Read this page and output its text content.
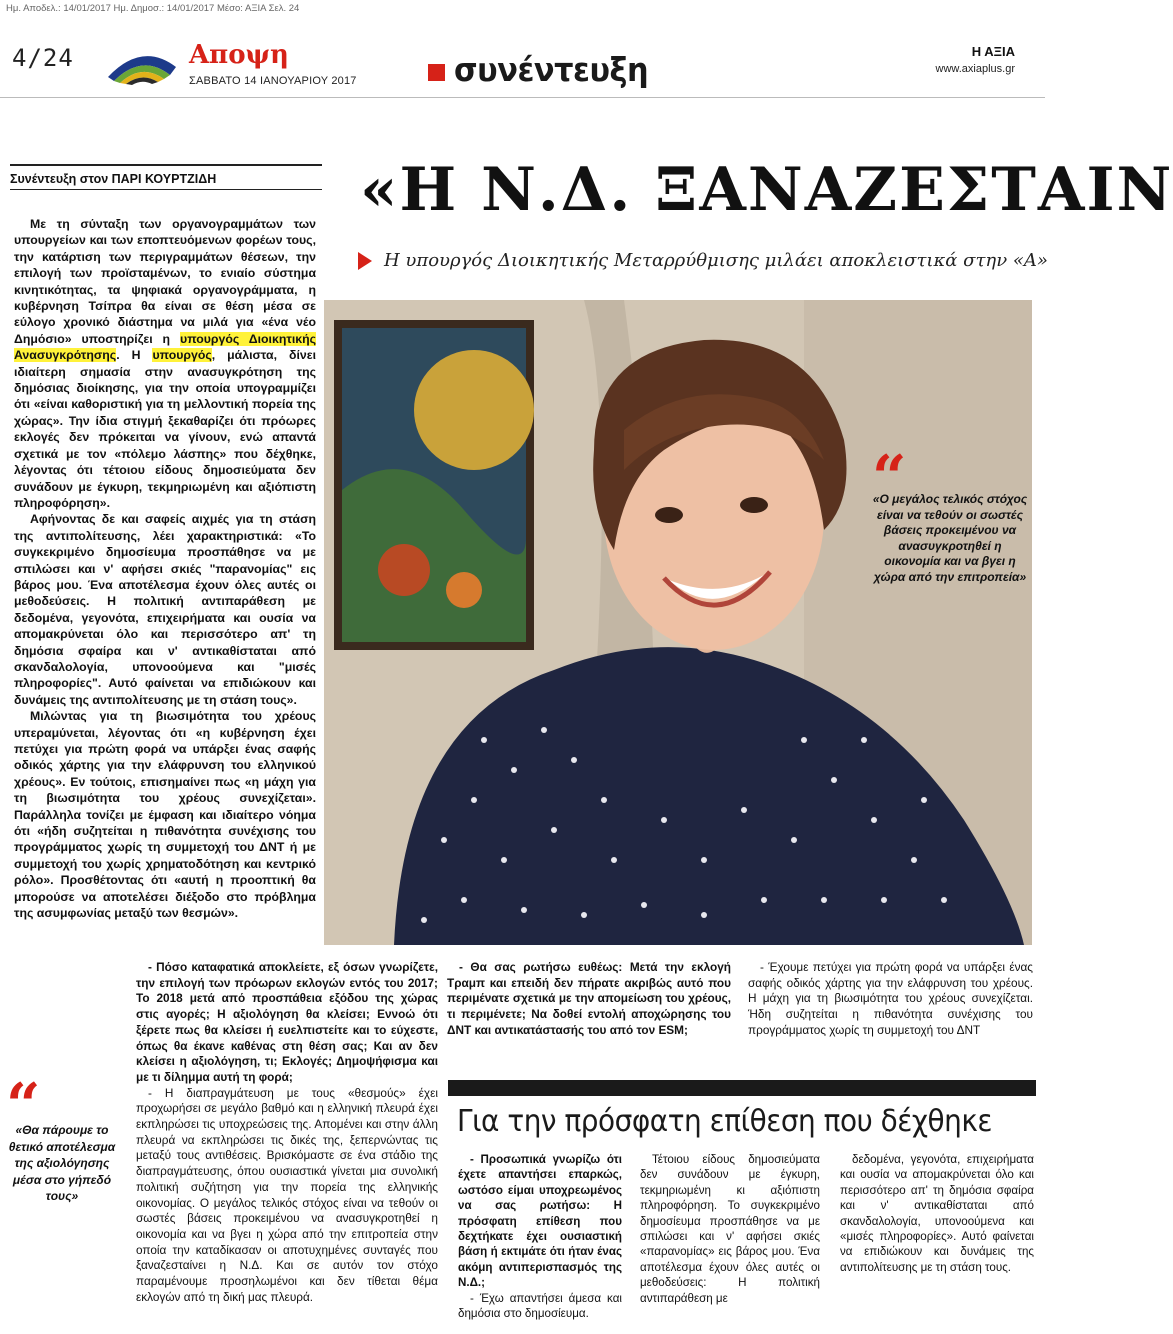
Ημ. Αποδελ.: 14/01/2017 Ημ. Δημοσ.: 14/01/2017 Μέσο: ΑΞΙΑ Σελ. 24
4/24	Αποψη
ΣΑΒΒΑΤΟ 14 ΙΑΝΟΥΑΡΙΟΥ 2017	συνέντευξη	Η ΑΞΙΑ
www.axiaplus.gr
Συνέντευξη στον ΠΑΡΙ ΚΟΥΡΤΖΙΔΗ «Η Ν.Δ. ΞΑΝΑΖΕΣΤΑΙΝ
Η υπουργός Διοικητικής Μεταρρύθμισης μιλάει αποκλειστικά στην «Α»

Με τη σύνταξη των οργανογραμμάτων των υπουργείων και των εποπτευόμενων φορέων τους, την κατάρτιση των περιγραμμάτων θέσεων, την επιλογή των προϊσταμένων, το ενιαίο σύστημα κινητικότητας, τα ψηφιακά οργανογράμματα, η κυβέρνηση Τσίπρα θα είναι σε θέση μέσα σε εύλογο χρονικό διάστημα να μιλά για «ένα νέο Δημόσιο» υποστηρίζει η υπουργός Διοικητικής Ανασυγκρότησης. Η υπουργός, μάλιστα, δίνει ιδιαίτερη σημασία στην ανασυγκρότηση της δημόσιας διοίκησης, για την οποία υπογραμμίζει ότι «είναι καθοριστική για τη μελλοντική πορεία της χώρας». Την ίδια στιγμή ξεκαθαρίζει ότι πρόωρες εκλογές δεν πρόκειται να γίνουν, ενώ απαντά σχετικά με τον «πόλεμο λάσπης» που δέχθηκε, λέγοντας ότι τέτοιου είδους δημοσιεύματα δεν συνάδουν με έγκυρη, τεκμηριωμένη και αξιόπιστη πληροφόρηση».

Αφήνοντας δε και σαφείς αιχμές για τη στάση της αντιπολίτευσης, λέει χαρακτηριστικά: «Το συγκεκριμένο δημοσίευμα προσπάθησε να με σπιλώσει και ν' αφήσει σκιές "παρανομίας" εις βάρος μου. Ένα αποτέλεσμα έχουν όλες αυτές οι μεθοδεύσεις. Η πολιτική αντιπαράθεση με δεδομένα, γεγονότα, επιχειρήματα και ουσία να απομακρύνεται όλο και περισσότερο απ' τη δημόσια σφαίρα και ν' αντικαθίσταται από σκανδαλολογία, υπονοούμενα και "μισές πληροφορίες". Αυτό φαίνεται να επιδιώκουν και δυνάμεις της αντιπολίτευσης με τη στάση τους».

Μιλώντας για τη βιωσιμότητα του χρέους υπεραμύνεται, λέγοντας ότι «η κυβέρνηση έχει πετύχει για πρώτη φορά να υπάρξει ένας σαφής οδικός χάρτης για την ελάφρυνση του ελληνικού χρέους». Εν τούτοις, επισημαίνει πως «η μάχη για τη βιωσιμότητα του χρέους συνεχίζεται». Παράλληλα τονίζει με έμφαση και ιδιαίτερο νόημα ότι «ήδη συζητείται η πιθανότητα συνέχισης του προγράμματος χωρίς τη συμμετοχή του ΔΝΤ ή με συμμετοχή του χωρίς χρηματοδότηση και κεντρικό ρόλο». Προσθέτοντας ότι «αυτή η προοπτική θα μπορούσε να αποτελέσει διέξοδο στο πρόβλημα της ασυμφωνίας μεταξύ των θεσμών».

“
«Ο μεγάλος τελικός στόχος είναι να τεθούν οι σωστές βάσεις προκειμένου να ανασυγκροτηθεί η οικονομία και να βγει η χώρα από την επιτροπεία»
“
«Θα πάρουμε το θετικό αποτέλεσμα της αξιολόγησης μέσα στο γήπεδό τους»

- Πόσο καταφατικά αποκλείετε, εξ όσων γνωρίζετε, την επιλογή των πρόωρων εκλογών εντός του 2017; Το 2018 μετά από προσπάθεια εξόδου της χώρας στις αγορές; Η αξιολόγηση θα κλείσει; Εννοώ ότι ξέρετε πως θα κλείσει ή ευελπιστείτε και το εύχεστε, όπως θα έκανε καθένας στη θέση σας; Και αν δεν κλείσει η αξιολόγηση, τι; Εκλογές; Δημοψήφισμα και με τι δίλημμα αυτή τη φορά;

- Η διαπραγμάτευση με τους «θεσμούς» έχει προχωρήσει σε μεγάλο βαθμό και η ελληνική πλευρά έχει εκπληρώσει τις υποχρεώσεις της. Απομένει και στην άλλη πλευρά να εκπληρώσει τις δικές της, ξεπερνώντας τις μεταξύ τους αντιθέσεις. Βρισκόμαστε σε ένα στάδιο της διαπραγμάτευσης, όπου ουσιαστικά γίνεται μια συνολική πολιτική συζήτηση για την πορεία της ελληνικής οικονομίας. Ο μεγάλος τελικός στόχος είναι να τεθούν οι σωστές βάσεις προκειμένου να ανασυγκροτηθεί η οικονομία και να βγει η χώρα από την επιτροπεία στην οποία την καταδίκασαν οι αποτυχημένες συνταγές που ξαναζεσταίνει η Ν.Δ. Και σε αυτόν τον στόχο παραμένουμε προσηλωμένοι και δεν τίθεται θέμα εκλογών από τη δική μας πλευρά.

- Θα σας ρωτήσω ευθέως: Μετά την εκλογή Τραμπ και επειδή δεν πήρατε ακριβώς αυτό που περιμένατε σχετικά με την απομείωση του χρέους, τι περιμένετε; Να δοθεί εντολή αποχώρησης του ΔΝΤ και αντικατάστασής του από τον ESM;

- Έχουμε πετύχει για πρώτη φορά να υπάρξει ένας σαφής οδικός χάρτης για την ελάφρυνση του χρέους. Η μάχη για τη βιωσιμότητα του χρέους συνεχίζεται. Ήδη συζητείται η πιθανότητα συνέχισης του προγράμματος χωρίς τη συμμετοχή του ΔΝΤ

Για την πρόσφατη επίθεση που δέχθηκε

- Προσωπικά γνωρίζω ότι έχετε απαντήσει επαρκώς, ωστόσο είμαι υποχρεωμένος να σας ρωτήσω: Η πρόσφατη επίθεση που δεχτήκατε έχει ουσιαστική βάση ή εκτιμάτε ότι ήταν ένας ακόμη αντιπερισπασμός της Ν.Δ.;

- Έχω απαντήσει άμεσα και δημόσια στο δημοσίευμα.

Τέτοιου είδους δημοσιεύματα δεν συνάδουν με έγκυρη, τεκμηριωμένη κι αξιόπιστη πληροφόρηση. Το συγκεκριμένο δημοσίευμα προσπάθησε να με σπιλώσει και ν' αφήσει σκιές «παρανομίας» εις βάρος μου. Ένα αποτέλεσμα έχουν όλες αυτές οι μεθοδεύσεις: Η πολιτική αντιπαράθεση με

δεδομένα, γεγονότα, επιχειρήματα και ουσία να απομακρύνεται όλο και περισσότερο απ' τη δημόσια σφαίρα και ν' αντικαθίσταται από σκανδαλολογία, υπονοούμενα και «μισές πληροφορίες». Αυτό φαίνεται να επιδιώκουν και δυνάμεις της αντιπολίτευσης με τη στάση τους.
